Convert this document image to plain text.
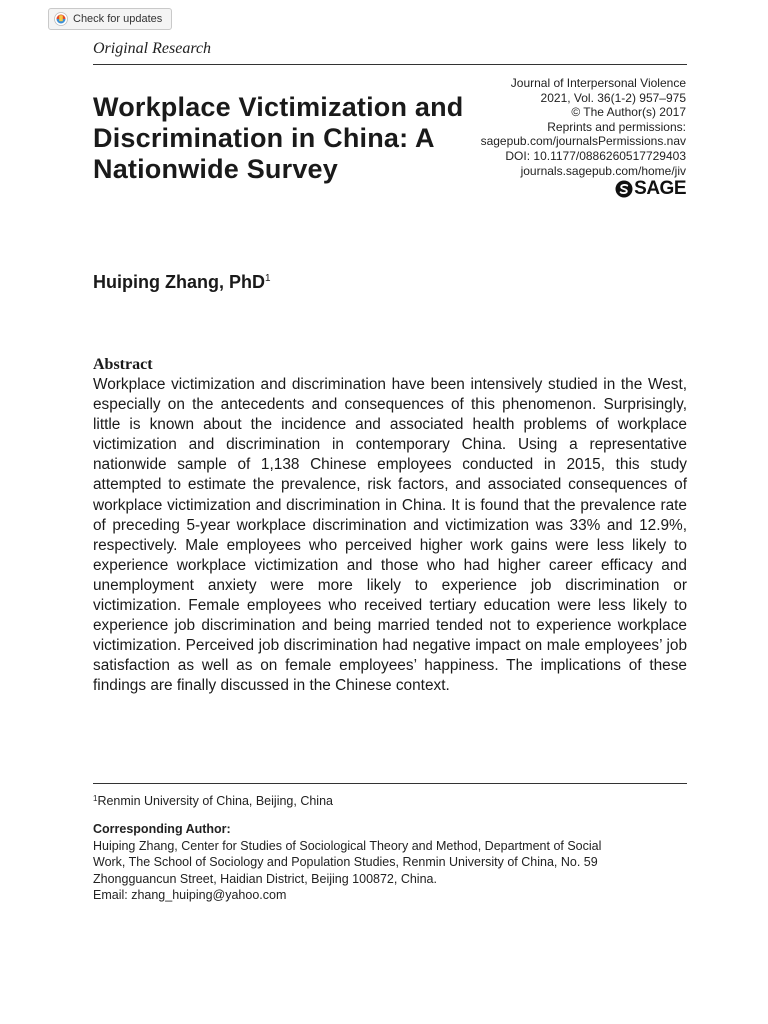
Check for updates
Original Research
Workplace Victimization and Discrimination in China: A Nationwide Survey
Journal of Interpersonal Violence
2021, Vol. 36(1-2) 957–975
© The Author(s) 2017
Reprints and permissions:
sagepub.com/journalsPermissions.nav
DOI: 10.1177/0886260517729403
journals.sagepub.com/home/jiv
SAGE
Huiping Zhang, PhD$^1$
Abstract

Workplace victimization and discrimination have been intensively studied in the West, especially on the antecedents and consequences of this phenomenon. Surprisingly, little is known about the incidence and associated health problems of workplace victimization and discrimination in contemporary China. Using a representative nationwide sample of 1,138 Chinese employees conducted in 2015, this study attempted to estimate the prevalence, risk factors, and associated consequences of workplace victimization and discrimination in China. It is found that the prevalence rate of preceding 5-year workplace discrimination and victimization was 33% and 12.9%, respectively. Male employees who perceived higher work gains were less likely to experience workplace victimization and those who had higher career efficacy and unemployment anxiety were more likely to experience job discrimination or victimization. Female employees who received tertiary education were less likely to experience job discrimination and being married tended not to experience workplace victimization. Perceived job discrimination had negative impact on male employees’ job satisfaction as well as on female employees’ happiness. The implications of these findings are finally discussed in the Chinese context.

$^1$Renmin University of China, Beijing, China
Corresponding Author:
Huiping Zhang, Center for Studies of Sociological Theory and Method, Department of Social
Work, The School of Sociology and Population Studies, Renmin University of China, No. 59
Zhongguancun Street, Haidian District, Beijing 100872, China.
Email: zhang_huiping@yahoo.com
